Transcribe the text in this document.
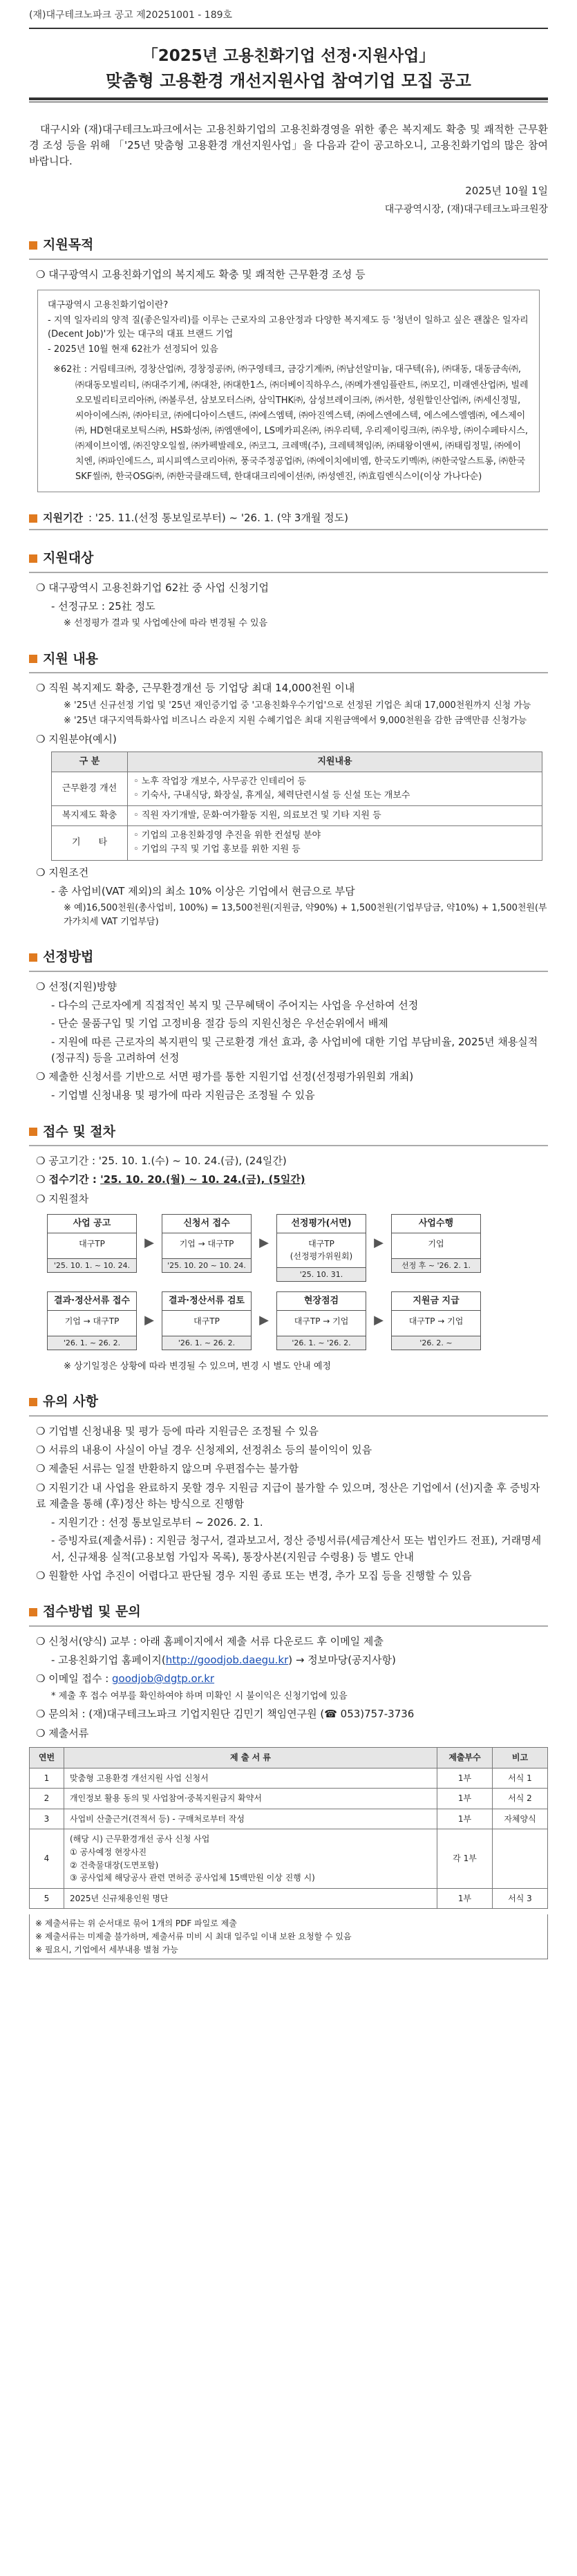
(재)대구테크노파크 공고 제20251001 - 189호
「2025년 고용친화기업 선정·지원사업」
맞춤형 고용환경 개선지원사업 참여기업 모집 공고

대구시와 (재)대구테크노파크에서는 고용친화기업의 고용친화경영을 위한 좋은 복지제도 확충 및 쾌적한 근무환경 조성 등을 위해 「'25년 맞춤형 고용환경 개선지원사업」을 다음과 같이 공고하오니, 고용친화기업의 많은 참여 바랍니다.

2025년 10월 1일
대구광역시장, (재)대구테크노파크원장
지원목적
❍ 대구광역시 고용친화기업의 복지제도 확충 및 쾌적한 근무환경 조성 등
대구광역시 고용친화기업이란?
- 지역 일자리의 양적 질(좋은일자리)를 이루는 근로자의 고용안정과 다양한 복지제도 등 '청년이 일하고 싶은 괜찮은 일자리(Decent Job)'가 있는 대구의 대표 브랜드 기업
- 2025년 10월 현재 62社가 선정되어 있음
※62社 : 거림테크㈜, 경창산업㈜, 경창정공㈜, ㈜구영테크, 금강기계㈜, ㈜남선알미늄, 대구텍(유), ㈜대동, 대동금속㈜, ㈜대동모빌리티, ㈜대주기계, ㈜대찬, ㈜대한1스, ㈜더베이직하우스, ㈜메가젠임플란트, ㈜모긴, 미래엔산업㈜, 빌레오모빌리티코리아㈜, ㈜볼루션, 삼보모터스㈜, 삼익THK㈜, 삼성브레이크㈜, ㈜서한, 성원할인산업㈜, ㈜세신정밀, 씨아이에스㈜, ㈜아티코, ㈜에디아이스텐드, ㈜에스엠텍, ㈜아진엑스텍, ㈜에스엔에스텍, 에스에스엘엠㈜, 에스제이㈜, HD현대로보틱스㈜, HS화성㈜, ㈜엠앤에이, LS메카피온㈜, ㈜우리텍, 우리제이링크㈜, ㈜우방, ㈜이수페타시스, ㈜제이브이엠, ㈜진양오일씰, ㈜카펙발레오, ㈜코그, 크레맥(주), 크레텍책임㈜, ㈜태왕이앤씨, ㈜태림정밀, ㈜에이치엔, ㈜파인에드스, 피시피엑스코리아㈜, 풍국주정공업㈜, ㈜에이치에비엠, 한국도키멕㈜, ㈜한국알스트롱, ㈜한국SKF씰㈜, 한국OSG㈜, ㈜한국클래드텍, 한대대크리에이션㈜, ㈜성엔진, ㈜효림엔식스이(이상 가나다순)
지원기간 : '25. 11.(선정 통보일로부터) ~ '26. 1. (약 3개월 정도)
지원대상
❍ 대구광역시 고용친화기업 62社 중 사업 신청기업
- 선정규모 : 25社 정도
※ 선정평가 결과 및 사업예산에 따라 변경될 수 있음
지원 내용
❍ 직원 복지제도 확충, 근무환경개선 등 기업당 최대 14,000천원 이내
※ '25년 신규선정 기업 및 '25년 재인증기업 중 '고용친화우수기업'으로 선정된 기업은 최대 17,000천원까지 신청 가능
※ '25년 대구지역특화사업 비즈니스 라운지 지원 수혜기업은 최대 지원금액에서 9,000천원을 감한 금액만큼 신청가능
❍ 지원분야(예시)
구 분	지원내용
근무환경 개선	◦ 노후 작업장 개보수, 사무공간 인테리어 등
◦ 기숙사, 구내식당, 화장실, 휴게실, 체력단련시설 등 신설 또는 개보수
복지제도 확충	◦ 직원 자기개발, 문화·여가활동 지원, 의료보건 및 기타 지원 등
기　　타	◦ 기업의 고용친화경영 추진을 위한 컨설팅 분야
◦ 기업의 구직 및 기업 홍보를 위한 지원 등
❍ 지원조건
- 총 사업비(VAT 제외)의 최소 10% 이상은 기업에서 현금으로 부담
※ 예)16,500천원(총사업비, 100%) = 13,500천원(지원금, 약90%) + 1,500천원(기업부담금, 약10%) + 1,500천원(부가가치세 VAT 기업부담)
선정방법
❍ 선정(지원)방향
- 다수의 근로자에게 직접적인 복지 및 근무혜택이 주어지는 사업을 우선하여 선정
- 단순 물품구입 및 기업 고정비용 절감 등의 지원신청은 우선순위에서 배제
- 지원에 따른 근로자의 복지편익 및 근로환경 개선 효과, 총 사업비에 대한 기업 부담비율, 2025년 채용실적(정규직) 등을 고려하여 선정
❍ 제출한 신청서를 기반으로 서면 평가를 통한 지원기업 선정(선정평가위원회 개최)
- 기업별 신청내용 및 평가에 따라 지원금은 조정될 수 있음
접수 및 절차
❍ 공고기간 : '25. 10. 1.(수) ~ 10. 24.(금), (24일간)
❍ 접수기간 : '25. 10. 20.(월) ~ 10. 24.(금), (5일간)
❍ 지원절차
사업 공고
대구TP
'25. 10. 1. ~ 10. 24.
▶
신청서 접수
기업 → 대구TP
'25. 10. 20 ~ 10. 24.
▶
선정평가(서면)
대구TP
(선정평가위원회)
'25. 10. 31.
▶
사업수행
기업
선정 후 ~ '26. 2. 1.
결과·정산서류 접수
기업 → 대구TP
'26. 1. ~ 26. 2.
▶
결과·정산서류 검토
대구TP
'26. 1. ~ 26. 2.
▶
현장점검
대구TP → 기업
'26. 1. ~ '26. 2.
▶
지원금 지급
대구TP → 기업
'26. 2. ~
※ 상기일정은 상황에 따라 변경될 수 있으며, 변경 시 별도 안내 예정
유의 사항
❍ 기업별 신청내용 및 평가 등에 따라 지원금은 조정될 수 있음
❍ 서류의 내용이 사실이 아닐 경우 신청제외, 선정취소 등의 불이익이 있음
❍ 제출된 서류는 일절 반환하지 않으며 우편접수는 불가함
❍ 지원기간 내 사업을 완료하지 못할 경우 지원금 지급이 불가할 수 있으며, 정산은 기업에서 (선)지출 후 증빙자료 제출을 통해 (후)정산 하는 방식으로 진행함
- 지원기간 : 선정 통보일로부터 ~ 2026. 2. 1.
- 증빙자료(제출서류) : 지원금 청구서, 결과보고서, 정산 증빙서류(세금계산서 또는 법인카드 전표), 거래명세서, 신규채용 실적(고용보험 가입자 목록), 통장사본(지원금 수령용) 등 별도 안내
❍ 원활한 사업 추진이 어렵다고 판단될 경우 지원 종료 또는 변경, 추가 모집 등을 진행할 수 있음
접수방법 및 문의
❍ 신청서(양식) 교부 : 아래 홈페이지에서 제출 서류 다운로드 후 이메일 제출
- 고용친화기업 홈페이지(http://goodjob.daegu.kr) → 정보마당(공지사항)
❍ 이메일 접수 : goodjob@dgtp.or.kr
* 제출 후 접수 여부를 확인하여야 하며 미확인 시 불이익은 신청기업에 있음
❍ 문의처 : (재)대구테크노파크 기업지원단 김민기 책임연구원 (☎ 053)757-3736
❍ 제출서류
연번	제 출 서 류	제출부수	비고
1	맞춤형 고용환경 개선지원 사업 신청서	1부	서식 1
2	개인정보 활용 동의 및 사업참여·중복지원금지 확약서	1부	서식 2
3	사업비 산출근거(견적서 등) - 구매처로부터 작성	1부	자체양식
4	(해당 시) 근무환경개선 공사 신청 사업
① 공사예정 현장사진
② 건축물대장(도면포함)
③ 공사업체 해당공사 관련 면허증 공사업체 15백만원 이상 진행 시)	각 1부	
5	2025년 신규채용인원 명단	1부	서식 3
※ 제출서류는 위 순서대로 묶어 1개의 PDF 파일로 제출
※ 제출서류는 미제출 불가하며, 제출서류 미비 시 최대 일주일 이내 보완 요청할 수 있음
※ 필요시, 기업에서 세부내용 별첨 가능
